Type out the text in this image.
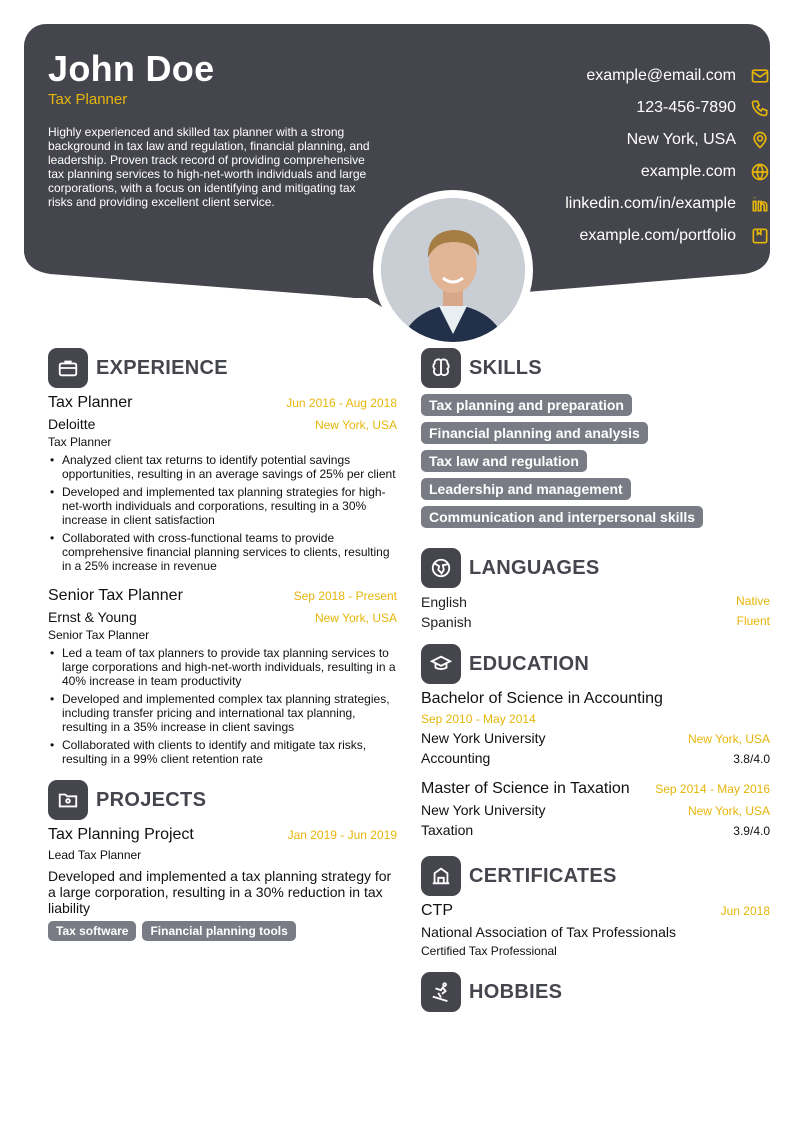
John Doe
Tax Planner
Highly experienced and skilled tax planner with a strong background in tax law and regulation, financial planning, and leadership. Proven track record of providing comprehensive tax planning services to high-net-worth individuals and large corporations, with a focus on identifying and mitigating tax risks and providing excellent client service.
example@email.com
123-456-7890
New York, USA
example.com
linkedin.com/in/example
example.com/portfolio
EXPERIENCE
Tax Planner	Jun 2016 - Aug 2018
Deloitte	New York, USA
Tax Planner
• Analyzed client tax returns to identify potential savings opportunities, resulting in an average savings of 25% per client
• Developed and implemented tax planning strategies for high-net-worth individuals and corporations, resulting in a 30% increase in client satisfaction
• Collaborated with cross-functional teams to provide comprehensive financial planning services to clients, resulting in a 25% increase in revenue
Senior Tax Planner	Sep 2018 - Present
Ernst & Young	New York, USA
Senior Tax Planner
• Led a team of tax planners to provide tax planning services to large corporations and high-net-worth individuals, resulting in a 40% increase in team productivity
• Developed and implemented complex tax planning strategies, including transfer pricing and international tax planning, resulting in a 35% increase in client savings
• Collaborated with clients to identify and mitigate tax risks, resulting in a 99% client retention rate
PROJECTS
Tax Planning Project	Jan 2019 - Jun 2019
Lead Tax Planner
Developed and implemented a tax planning strategy for a large corporation, resulting in a 30% reduction in tax liability
Tax software Financial planning tools
SKILLS
Tax planning and preparation
Financial planning and analysis
Tax law and regulation
Leadership and management
Communication and interpersonal skills
LANGUAGES
English	Native
Spanish	Fluent
EDUCATION
Bachelor of Science in Accounting
Sep 2010 - May 2014
New York University	New York, USA
Accounting	3.8/4.0
Master of Science in Taxation Sep 2014 - May 2016
New York University	New York, USA
Taxation	3.9/4.0
CERTIFICATES
CTP	Jun 2018
National Association of Tax Professionals
Certified Tax Professional
HOBBIES
